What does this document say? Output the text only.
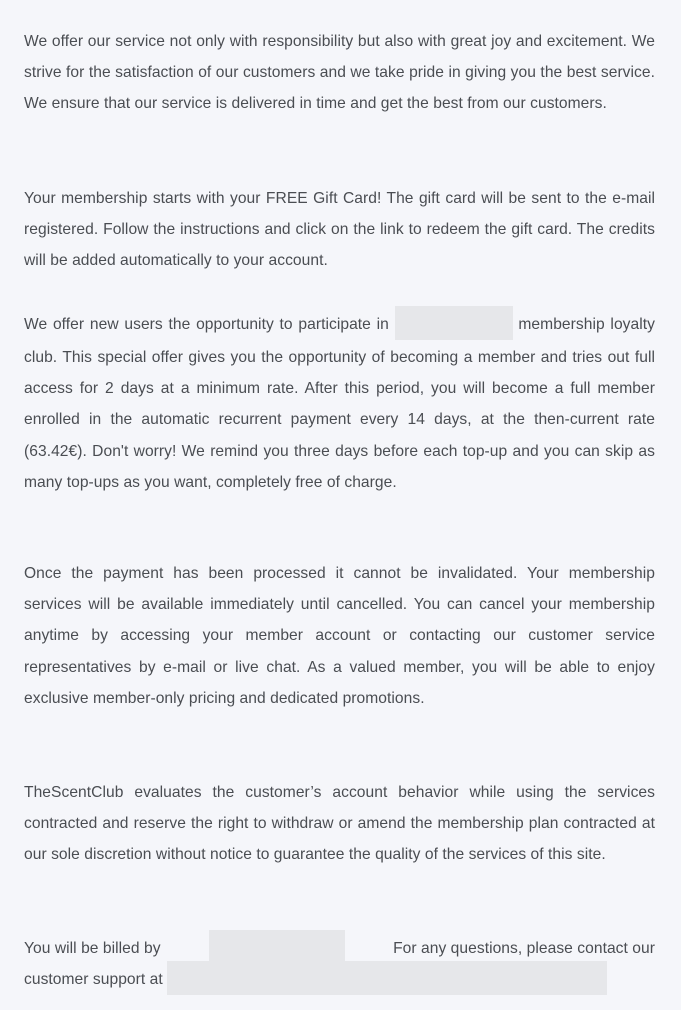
We offer our service not only with responsibility but also with great joy and excitement. We strive for the satisfaction of our customers and we take pride in giving you the best service. We ensure that our service is delivered in time and get the best from our customers.

Your membership starts with your FREE Gift Card! The gift card will be sent to the e-mail registered. Follow the instructions and click on the link to redeem the gift card. The credits will be added automatically to your account.

We offer new users the opportunity to participate in	membership loyalty club. This special offer gives you the opportunity of becoming a member and tries out full access for 2 days at a minimum rate. After this period, you will become a full member enrolled in the automatic recurrent payment every 14 days, at the then-current rate (63.42€). Don't worry! We remind you three days before each top-up and you can skip as many top-ups as you want, completely free of charge.

Once the payment has been processed it cannot be invalidated. Your membership services will be available immediately until cancelled. You can cancel your membership anytime by accessing your member account or contacting our customer service representatives by e-mail or live chat. As a valued member, you will be able to enjoy exclusive member-only pricing and dedicated promotions.

TheScentClub evaluates the customer’s account behavior while using the services contracted and reserve the right to withdraw or amend the membership plan contracted at our sole discretion without notice to guarantee the quality of the services of this site.

You will be billed by	For any questions, please contact our
customer support at
